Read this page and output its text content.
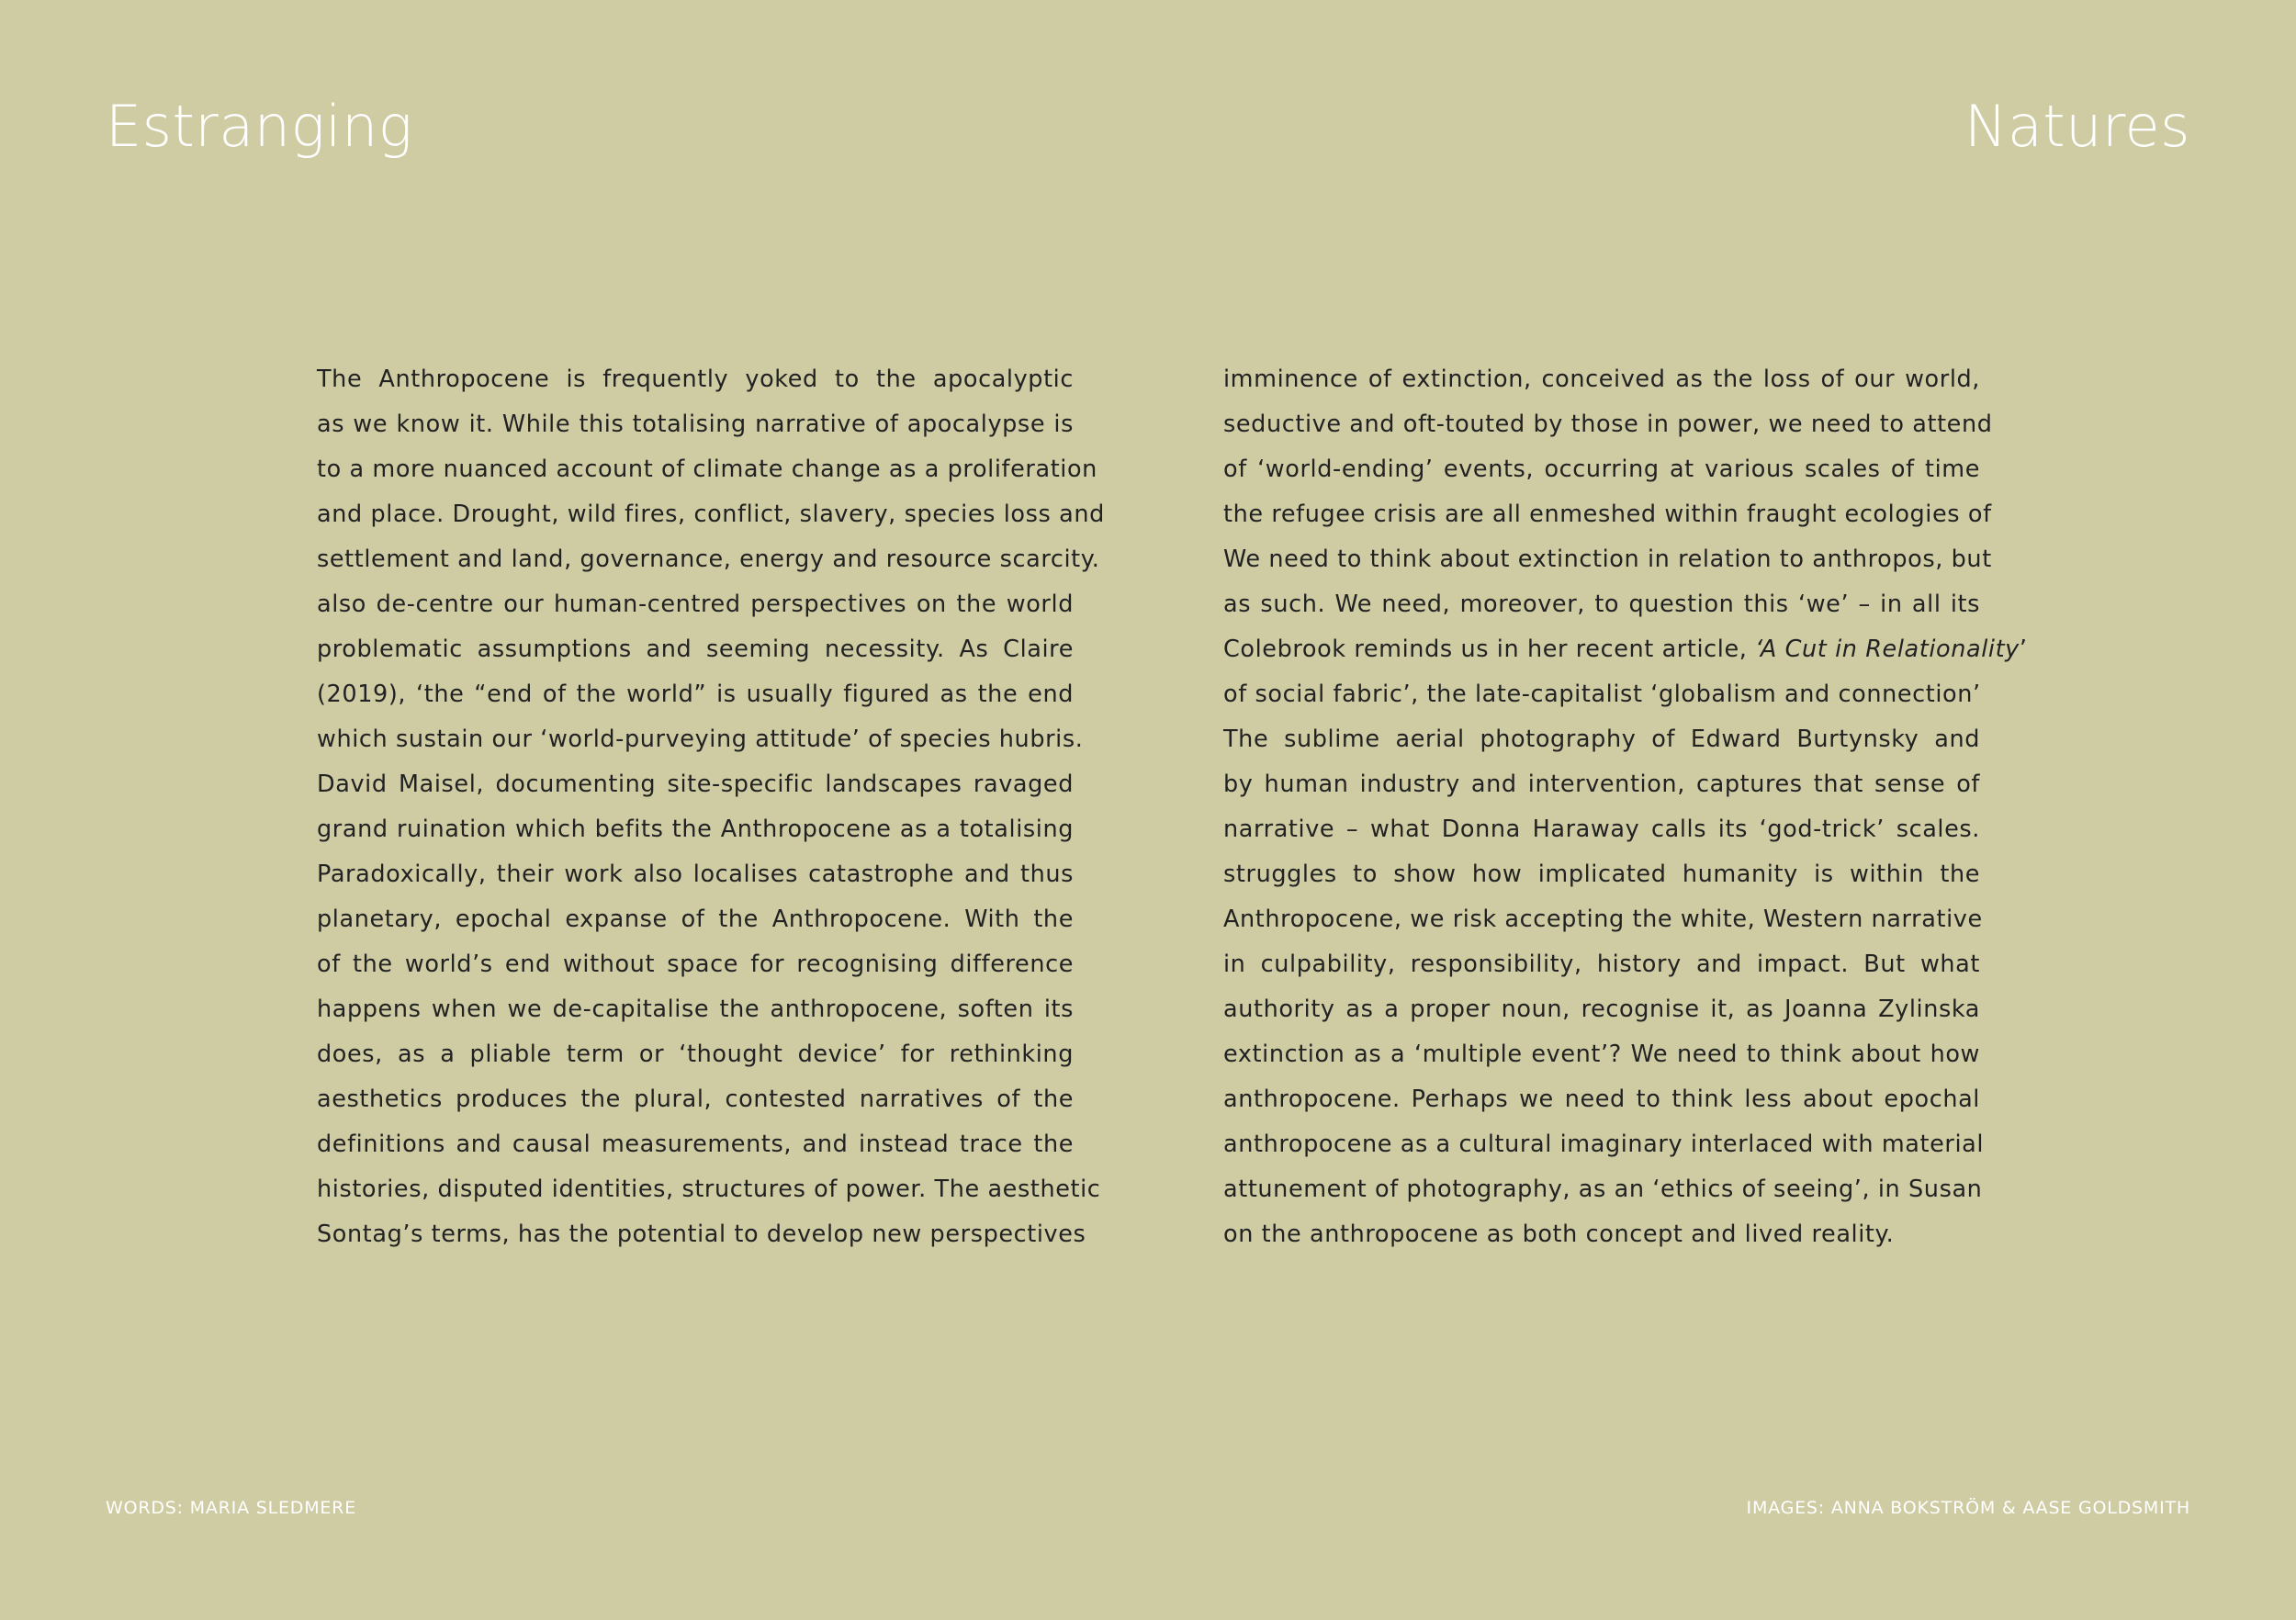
Estranging	Natures
The Anthropocene is frequently yoked to the apocalyptic
as we know it. While this totalising narrative of apocalypse is
to a more nuanced account of climate change as a proliferation
and place. Drought, wild fires, conflict, slavery, species loss and
settlement and land, governance, energy and resource scarcity.
also de-centre our human-centred perspectives on the world
problematic assumptions and seeming necessity. As Claire
(2019), ‘the “end of the world” is usually figured as the end
which sustain our ‘world-purveying attitude’ of species hubris.
David Maisel, documenting site-specific landscapes ravaged
grand ruination which befits the Anthropocene as a totalising
Paradoxically, their work also localises catastrophe and thus
planetary, epochal expanse of the Anthropocene. With the
of the world’s end without space for recognising difference
happens when we de-capitalise the anthropocene, soften its
does, as a pliable term or ‘thought device’ for rethinking
aesthetics produces the plural, contested narratives of the
definitions and causal measurements, and instead trace the
histories, disputed identities, structures of power. The aesthetic
Sontag’s terms, has the potential to develop new perspectives
imminence of extinction, conceived as the loss of our world,
seductive and oft-touted by those in power, we need to attend
of ‘world-ending’ events, occurring at various scales of time
the refugee crisis are all enmeshed within fraught ecologies of
We need to think about extinction in relation to anthropos, but
as such. We need, moreover, to question this ‘we’ – in all its
Colebrook reminds us in her recent article, ‘A Cut in Relationality’
of social fabric’, the late-capitalist ‘globalism and connection’
The sublime aerial photography of Edward Burtynsky and
by human industry and intervention, captures that sense of
narrative – what Donna Haraway calls its ‘god-trick’ scales.
struggles to show how implicated humanity is within the
Anthropocene, we risk accepting the white, Western narrative
in culpability, responsibility, history and impact. But what
authority as a proper noun, recognise it, as Joanna Zylinska
extinction as a ‘multiple event’? We need to think about how
anthropocene. Perhaps we need to think less about epochal
anthropocene as a cultural imaginary interlaced with material
attunement of photography, as an ‘ethics of seeing’, in Susan
on the anthropocene as both concept and lived reality.
WORDS: MARIA SLEDMERE	IMAGES: ANNA BOKSTRÖM & AASE GOLDSMITH
